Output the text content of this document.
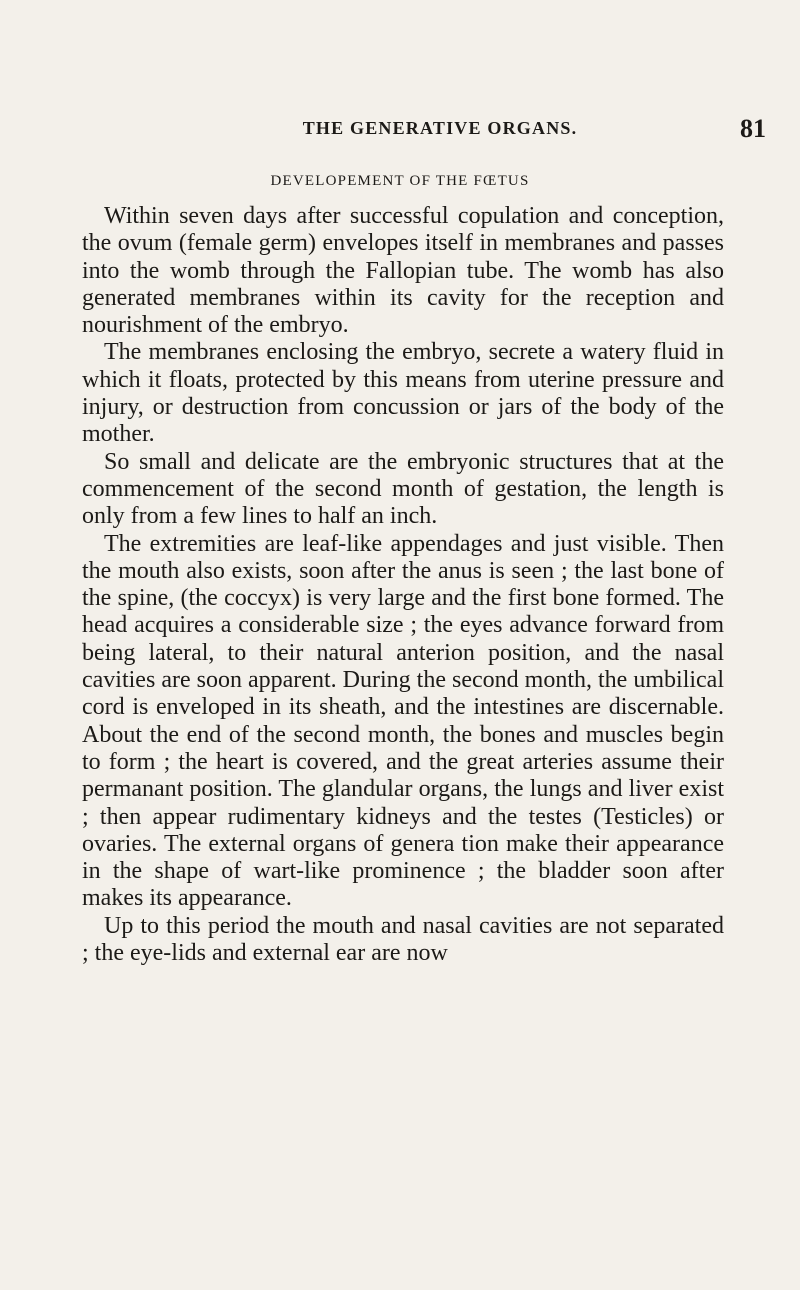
THE GENERATIVE ORGANS.	81
DEVELOPEMENT OF THE FŒTUS

Within seven days after successful copulation and conception, the ovum (female germ) envelopes itself in membranes and passes into the womb through the Fallopian tube. The womb has also generated membranes within its cavity for the reception and nourishment of the embryo.

The membranes enclosing the embryo, secrete a watery fluid in which it floats, protected by this means from uterine pressure and injury, or destruction from concussion or jars of the body of the mother.

So small and delicate are the embryonic structures that at the commencement of the second month of gestation, the length is only from a few lines to half an inch.

The extremities are leaf-like appendages and just visible. Then the mouth also exists, soon after the anus is seen ; the last bone of the spine, (the coccyx) is very large and the first bone formed. The head acquires a considerable size ; the eyes advance forward from being lateral, to their natural anterion position, and the nasal cavities are soon apparent. During the second month, the umbilical cord is enveloped in its sheath, and the intestines are discernable. About the end of the second month, the bones and muscles begin to form ; the heart is covered, and the great arteries assume their permanant position. The glandular organs, the lungs and liver exist ; then appear rudimentary kidneys and the testes (Testicles) or ovaries. The external organs of genera tion make their appearance in the shape of wart-like prominence ; the bladder soon after makes its appearance.

Up to this period the mouth and nasal cavities are not separated ; the eye-lids and external ear are now
